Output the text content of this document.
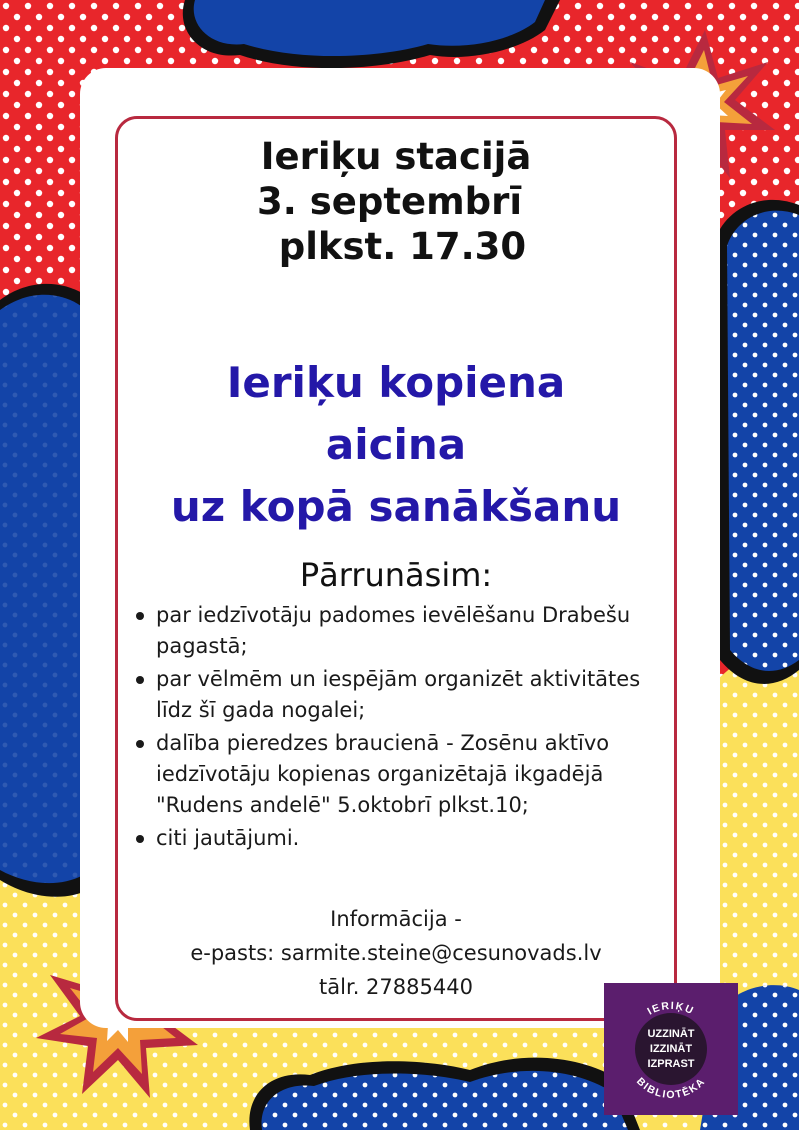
Ieriķu stacijā
3. septembrī
plkst. 17.30
Ieriķu kopiena
aicina
uz kopā sanākšanu
Pārrunāsim:
par iedzīvotāju padomes ievēlēšanu Drabešu pagastā;
par vēlmēm un iespējām organizēt aktivitātes līdz šī gada nogalei;
dalība pieredzes braucienā - Zosēnu aktīvo iedzīvotāju kopienas organizētajā ikgadējā "Rudens andelē" 5.oktobrī plkst.10;
citi jautājumi.
Informācija -
e-pasts: sarmite.steine@cesunovads.lv
tālr. 27885440
IERIĶU
BIBLIOTĒKA
UZZINĀT
IZZINĀT
IZPRAST
